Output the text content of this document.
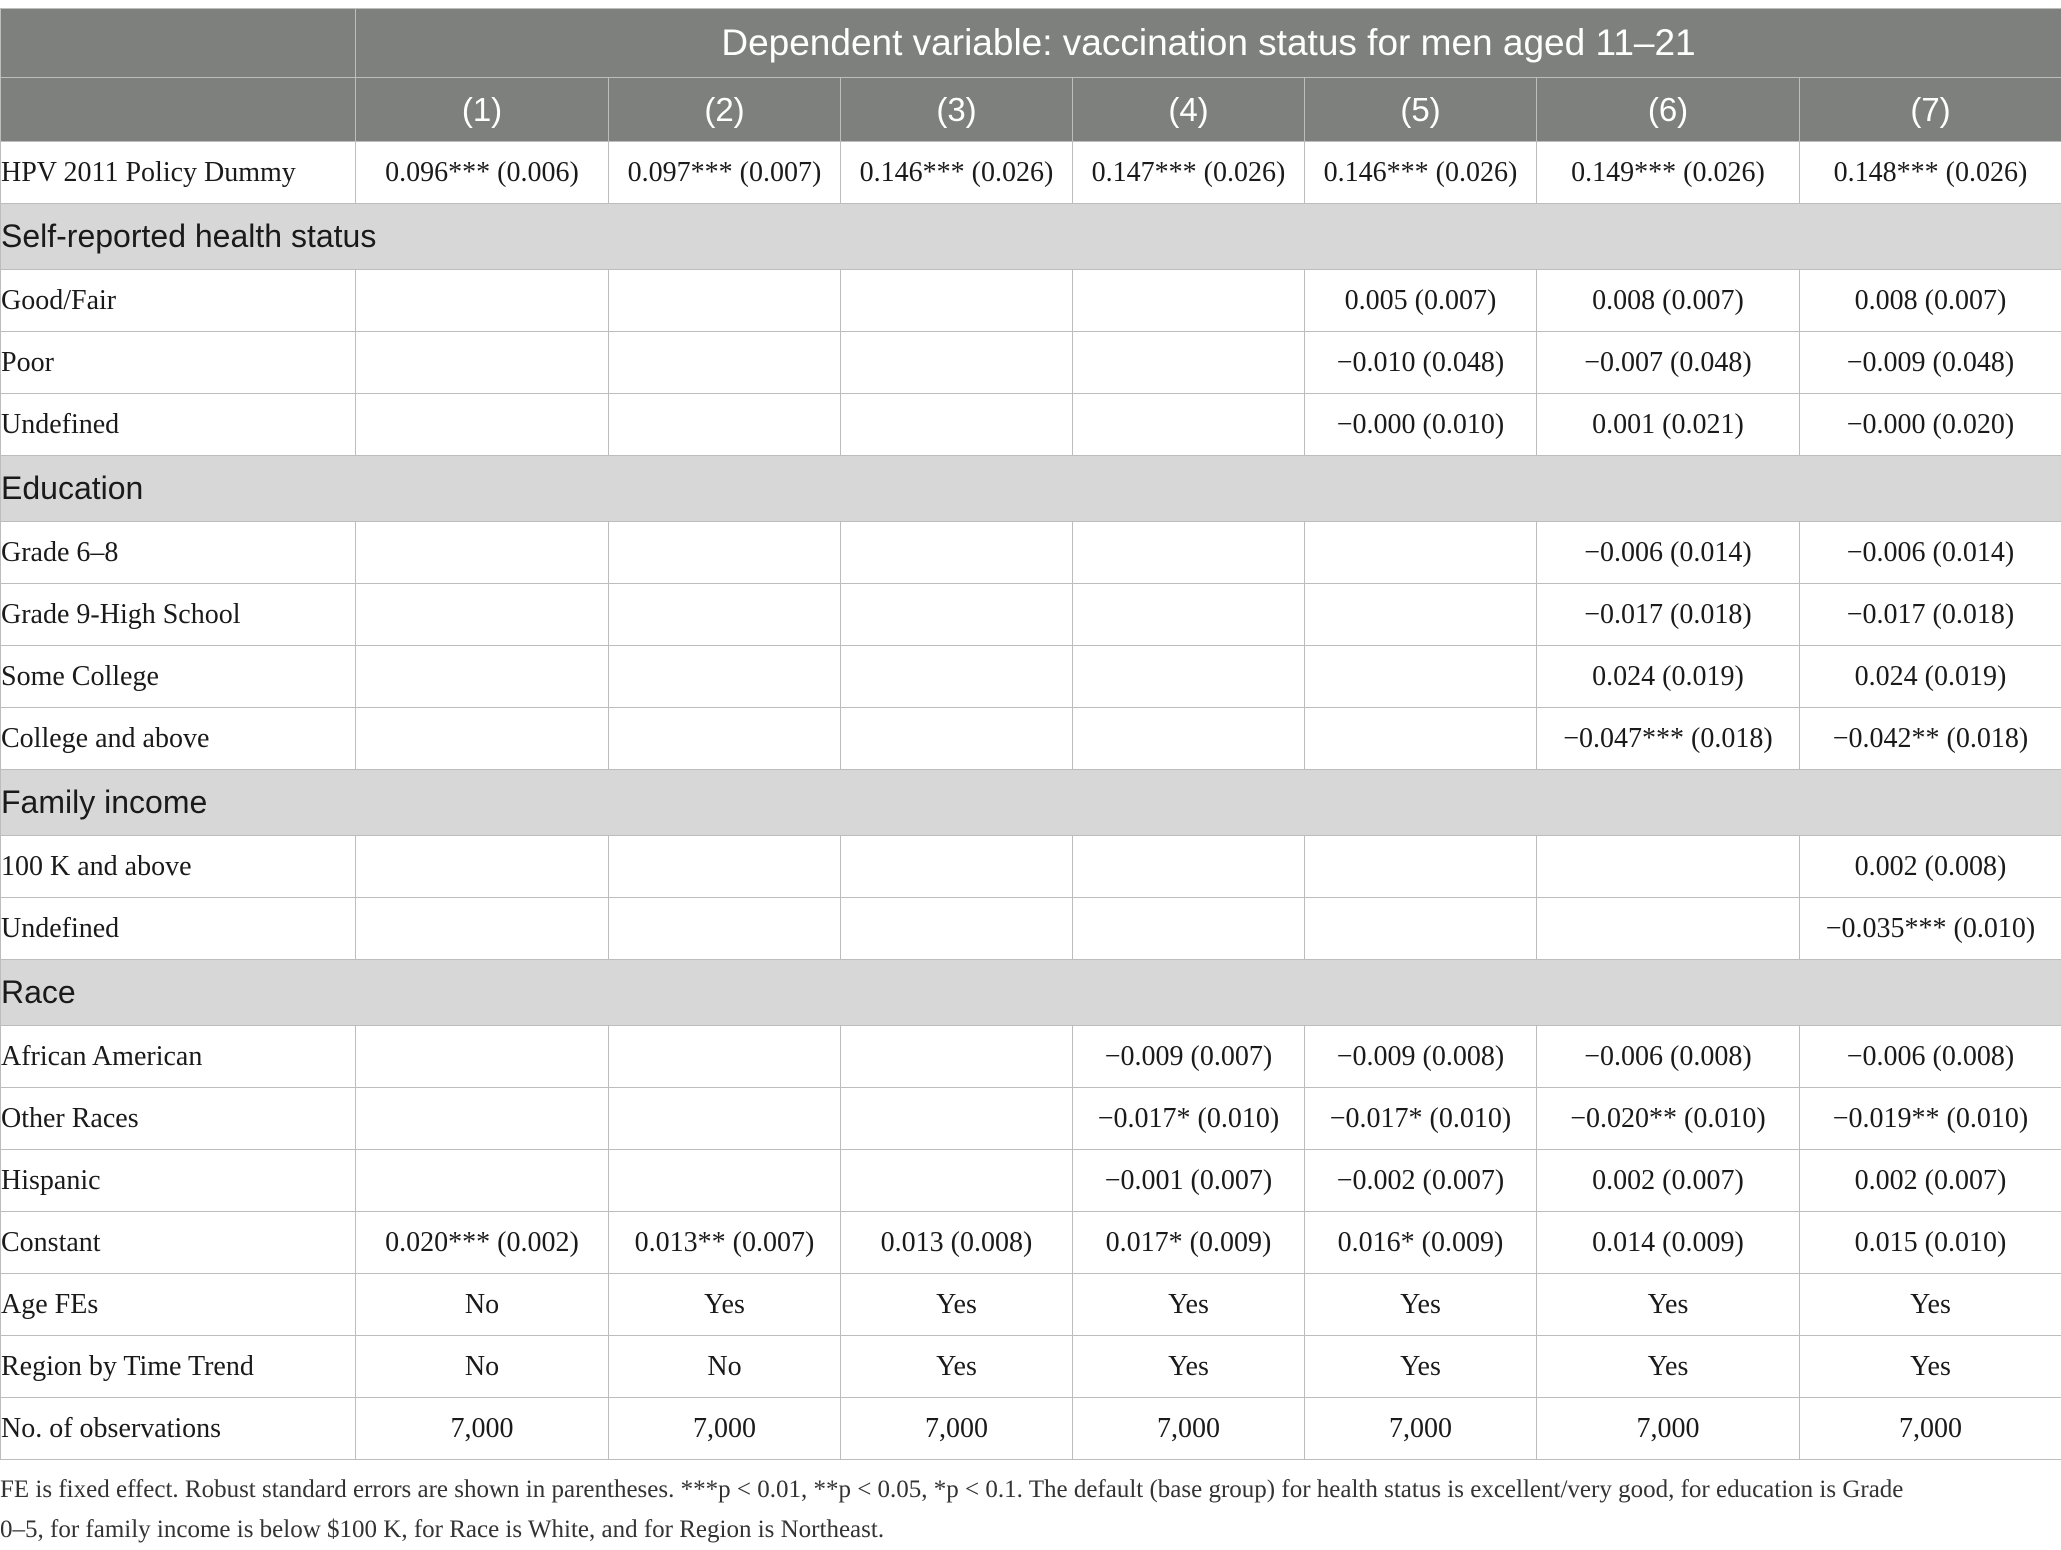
	Dependent variable: vaccination status for men aged 11–21						
	(1)	(2)	(3)	(4)	(5)	(6)	(7)
HPV 2011 Policy Dummy	0.096*** (0.006)	0.097*** (0.007)	0.146*** (0.026)	0.147*** (0.026)	0.146*** (0.026)	0.149*** (0.026)	0.148*** (0.026)
Self-reported health status							
Good/Fair					0.005 (0.007)	0.008 (0.007)	0.008 (0.007)
Poor					−0.010 (0.048)	−0.007 (0.048)	−0.009 (0.048)
Undefined					−0.000 (0.010)	0.001 (0.021)	−0.000 (0.020)
Education							
Grade 6–8						−0.006 (0.014)	−0.006 (0.014)
Grade 9-High School						−0.017 (0.018)	−0.017 (0.018)
Some College						0.024 (0.019)	0.024 (0.019)
College and above						−0.047*** (0.018)	−0.042** (0.018)
Family income							
100 K and above							0.002 (0.008)
Undefined							−0.035*** (0.010)
Race							
African American				−0.009 (0.007)	−0.009 (0.008)	−0.006 (0.008)	−0.006 (0.008)
Other Races				−0.017* (0.010)	−0.017* (0.010)	−0.020** (0.010)	−0.019** (0.010)
Hispanic				−0.001 (0.007)	−0.002 (0.007)	0.002 (0.007)	0.002 (0.007)
Constant	0.020*** (0.002)	0.013** (0.007)	0.013 (0.008)	0.017* (0.009)	0.016* (0.009)	0.014 (0.009)	0.015 (0.010)
Age FEs	No	Yes	Yes	Yes	Yes	Yes	Yes
Region by Time Trend	No	No	Yes	Yes	Yes	Yes	Yes
No. of observations	7,000	7,000	7,000	7,000	7,000	7,000	7,000
FE is fixed effect. Robust standard errors are shown in parentheses. ***p < 0.01, **p < 0.05, *p < 0.1. The default (base group) for health status is excellent/very good, for education is Grade
0–5, for family income is below $100 K, for Race is White, and for Region is Northeast.
